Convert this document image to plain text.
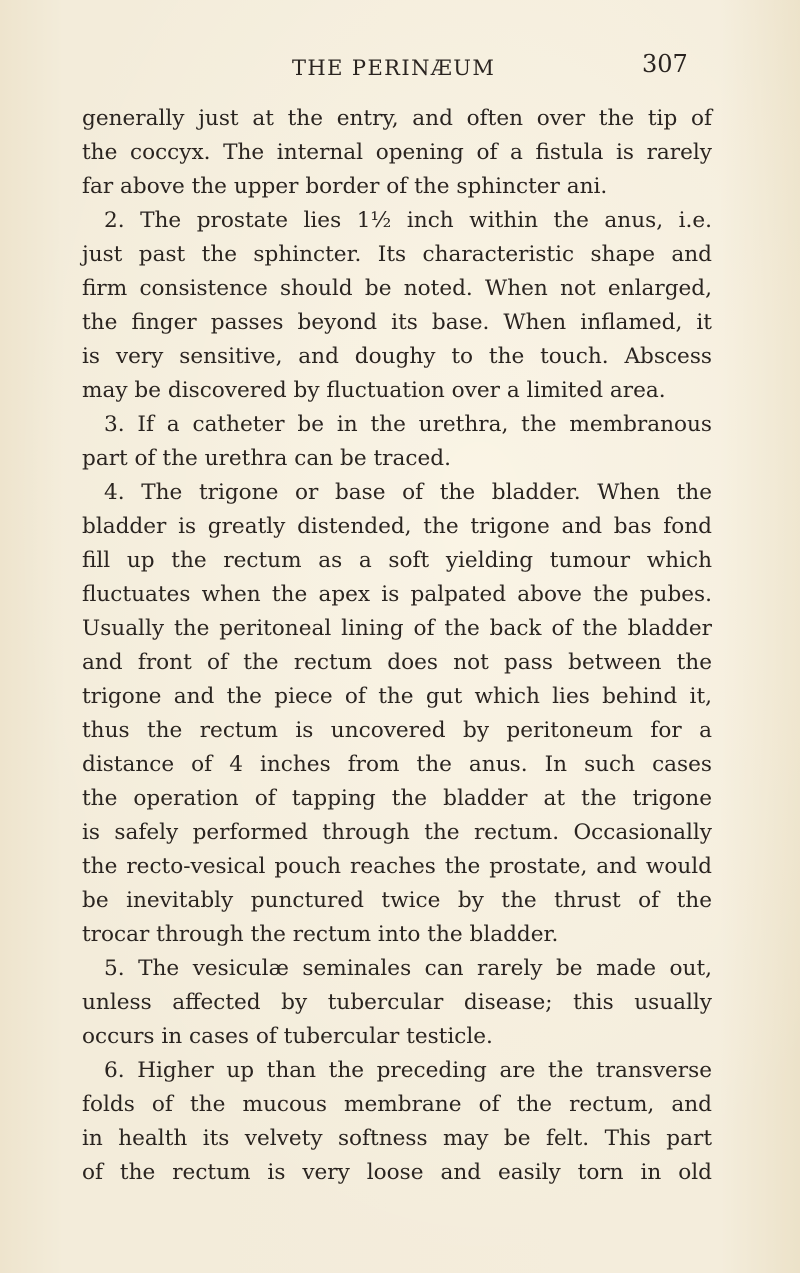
THE PERINÆUM	307
generally just at the entry, and often over the tip of
the coccyx. The internal opening of a fistula is rarely
far above the upper border of the sphincter ani.
2. The prostate lies 1½ inch within the anus, i.e.
just past the sphincter. Its characteristic shape and
firm consistence should be noted. When not enlarged,
the finger passes beyond its base. When inflamed, it
is very sensitive, and doughy to the touch. Abscess
may be discovered by fluctuation over a limited area.
3. If a catheter be in the urethra, the membranous
part of the urethra can be traced.
4. The trigone or base of the bladder. When the
bladder is greatly distended, the trigone and bas fond
fill up the rectum as a soft yielding tumour which
fluctuates when the apex is palpated above the pubes.
Usually the peritoneal lining of the back of the bladder
and front of the rectum does not pass between the
trigone and the piece of the gut which lies behind it,
thus the rectum is uncovered by peritoneum for a
distance of 4 inches from the anus. In such cases
the operation of tapping the bladder at the trigone
is safely performed through the rectum. Occasionally
the recto-vesical pouch reaches the prostate, and would
be inevitably punctured twice by the thrust of the
trocar through the rectum into the bladder.
5. The vesiculæ seminales can rarely be made out,
unless affected by tubercular disease; this usually
occurs in cases of tubercular testicle.
6. Higher up than the preceding are the transverse
folds of the mucous membrane of the rectum, and
in health its velvety softness may be felt. This part
of the rectum is very loose and easily torn in old
